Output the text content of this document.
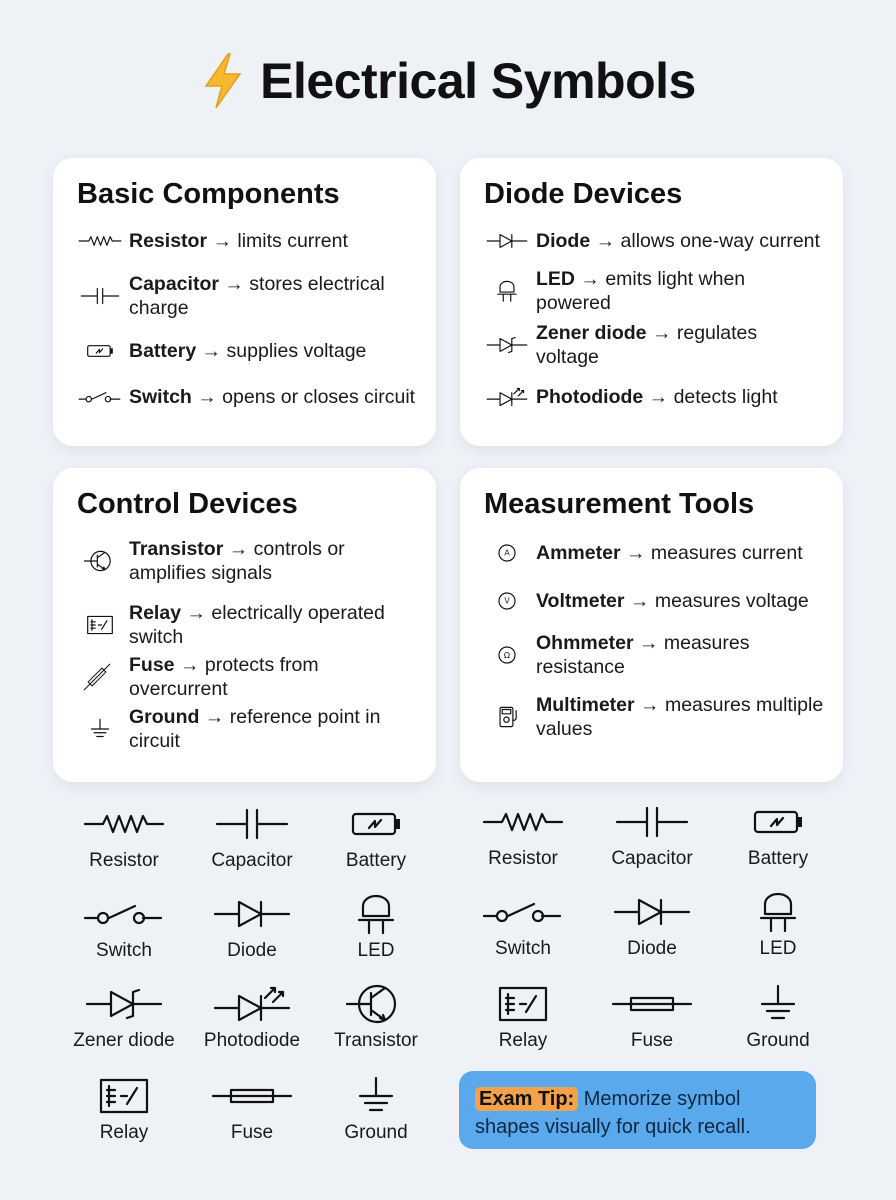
Electrical Symbols
Basic Components
Resistor → limits current
Capacitor → stores electrical charge
Battery → supplies voltage
Switch → opens or closes circuit
Diode Devices
Diode → allows one-way current
LED → emits light when powered
Zener diode → regulates voltage
Photodiode → detects light
Control Devices
Transistor → controls or amplifies signals
Relay → electrically operated switch
Fuse → protects from overcurrent
Ground → reference point in circuit
Measurement Tools
Ammeter → measures current
Voltmeter → measures voltage
Ohmmeter → measures resistance
Multimeter → measures multiple values
Resistor	Capacitor	Battery
Switch	Diode	LED
Zener diode	Photodiode	Transistor
Relay	Fuse	Ground
Resistor	Capacitor	Battery
Switch	Diode	LED
Relay	Fuse	Ground
Exam Tip: Memorize symbol shapes visually for quick recall.
